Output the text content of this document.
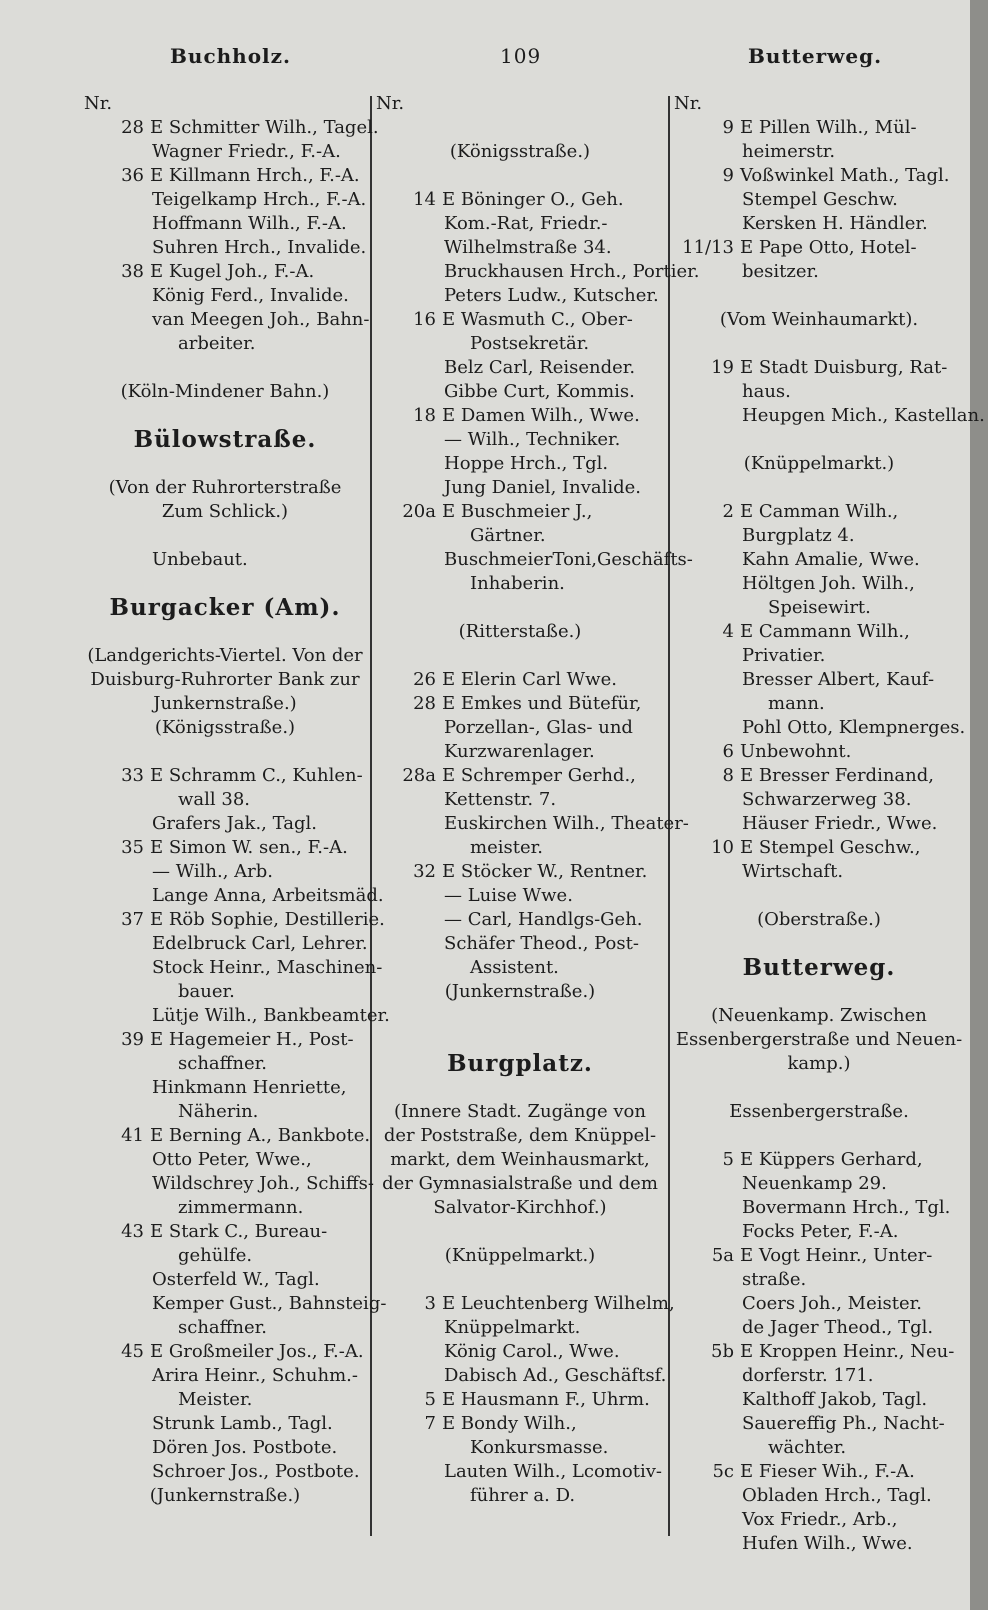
Buchholz.	109	Butterweg.
Nr.
28 E Schmitter Wilh., Tagel.
Wagner Friedr., F.-A.
36 E Killmann Hrch., F.-A.
Teigelkamp Hrch., F.-A.
Hoffmann Wilh., F.-A.
Suhren Hrch., Invalide.
38 E Kugel Joh., F.-A.
König Ferd., Invalide.
van Meegen Joh., Bahn-
arbeiter.
(Köln-Mindener Bahn.)
Bülowstraße.
(Von der Ruhrorterstraße
Zum Schlick.)
Unbebaut.
Burgacker (Am).
(Landgerichts-Viertel. Von der
Duisburg-Ruhrorter Bank zur
Junkernstraße.)
(Königsstraße.)
33 E Schramm C., Kuhlen-
wall 38.
Grafers Jak., Tagl.
35 E Simon W. sen., F.-A.
— Wilh., Arb.
Lange Anna, Arbeitsmäd.
37 E Röb Sophie, Destillerie.
Edelbruck Carl, Lehrer.
Stock Heinr., Maschinen-
bauer.
Lütje Wilh., Bankbeamter.
39 E Hagemeier H., Post-
schaffner.
Hinkmann Henriette,
Näherin.
41 E Berning A., Bankbote.
Otto Peter, Wwe.,
Wildschrey Joh., Schiffs-
zimmermann.
43 E Stark C., Bureau-
gehülfe.
Osterfeld W., Tagl.
Kemper Gust., Bahnsteig-
schaffner.
45 E Großmeiler Jos., F.-A.
Arira Heinr., Schuhm.-
Meister.
Strunk Lamb., Tagl.
Dören Jos. Postbote.
Schroer Jos., Postbote.
(Junkernstraße.)
Nr.
(Königsstraße.)
14 E Böninger O., Geh.
Kom.-Rat, Friedr.-
Wilhelmstraße 34.
Bruckhausen Hrch., Portier.
Peters Ludw., Kutscher.
16 E Wasmuth C., Ober-
Postsekretär.
Belz Carl, Reisender.
Gibbe Curt, Kommis.
18 E Damen Wilh., Wwe.
— Wilh., Techniker.
Hoppe Hrch., Tgl.
Jung Daniel, Invalide.
20a E Buschmeier J.,
Gärtner.
BuschmeierToni,Geschäfts-
Inhaberin.
(Ritterstaße.)
26 E Elerin Carl Wwe.
28 E Emkes und Bütefür,
Porzellan-, Glas- und
Kurzwarenlager.
28a E Schremper Gerhd.,
Kettenstr. 7.
Euskirchen Wilh., Theater-
meister.
32 E Stöcker W., Rentner.
— Luise Wwe.
— Carl, Handlgs-Geh.
Schäfer Theod., Post-
Assistent.
(Junkernstraße.)
Burgplatz.
(Innere Stadt. Zugänge von
der Poststraße, dem Knüppel-
markt, dem Weinhausmarkt,
der Gymnasialstraße und dem
Salvator-Kirchhof.)
(Knüppelmarkt.)
3 E Leuchtenberg Wilhelm,
Knüppelmarkt.
König Carol., Wwe.
Dabisch Ad., Geschäftsf.
5 E Hausmann F., Uhrm.
7 E Bondy Wilh.,
Konkursmasse.
Lauten Wilh., Lcomotiv-
führer a. D.
Nr.
9 E Pillen Wilh., Mül-
heimerstr.
9 Voßwinkel Math., Tagl.
Stempel Geschw.
Kersken H. Händler.
11/13 E Pape Otto, Hotel-
besitzer.
(Vom Weinhaumarkt).
19 E Stadt Duisburg, Rat-
haus.
Heupgen Mich., Kastellan.
(Knüppelmarkt.)
2 E Camman Wilh.,
Burgplatz 4.
Kahn Amalie, Wwe.
Höltgen Joh. Wilh.,
Speisewirt.
4 E Cammann Wilh.,
Privatier.
Bresser Albert, Kauf-
mann.
Pohl Otto, Klempnerges.
6 Unbewohnt.
8 E Bresser Ferdinand,
Schwarzerweg 38.
Häuser Friedr., Wwe.
10 E Stempel Geschw.,
Wirtschaft.
(Oberstraße.)
Butterweg.
(Neuenkamp. Zwischen
Essenbergerstraße und Neuen-
kamp.)
Essenbergerstraße.
5 E Küppers Gerhard,
Neuenkamp 29.
Bovermann Hrch., Tgl.
Focks Peter, F.-A.
5a E Vogt Heinr., Unter-
straße.
Coers Joh., Meister.
de Jager Theod., Tgl.
5b E Kroppen Heinr., Neu-
dorferstr. 171.
Kalthoff Jakob, Tagl.
Sauereffig Ph., Nacht-
wächter.
5c E Fieser Wih., F.-A.
Obladen Hrch., Tagl.
Vox Friedr., Arb.,
Hufen Wilh., Wwe.
